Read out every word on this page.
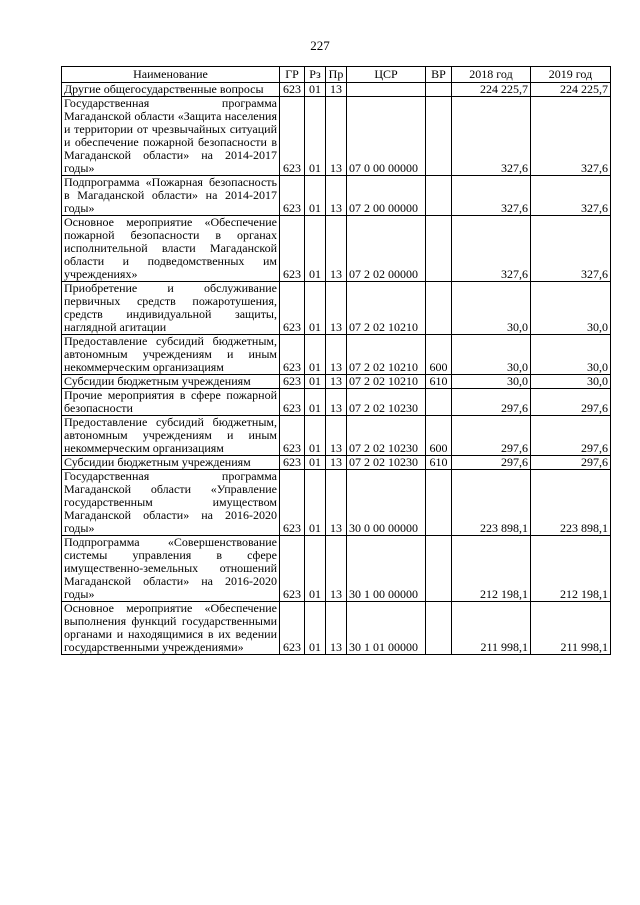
227
Наименование	ГР	Рз	Пр	ЦСР	ВР	2018 год	2019 год
Другие общегосударственные вопросы	623	01	13			224 225,7	224 225,7
Государственная программа Магаданской области «Защита населения и территории от чрезвычайных ситуаций и обеспечение пожарной безопасности в Магаданской области» на 2014-2017 годы»	623	01	13	07 0 00 00000		327,6	327,6
Подпрограмма «Пожарная безопасность в Магаданской области» на 2014-2017 годы»	623	01	13	07 2 00 00000		327,6	327,6
Основное мероприятие «Обеспечение пожарной безопасности в органах исполнительной власти Магаданской области и подведомственных им учреждениях»	623	01	13	07 2 02 00000		327,6	327,6
Приобретение и обслуживание первичных средств пожаротушения, средств индивидуальной защиты, наглядной агитации	623	01	13	07 2 02 10210		30,0	30,0
Предоставление субсидий бюджетным, автономным учреждениям и иным некоммерческим организациям	623	01	13	07 2 02 10210	600	30,0	30,0
Субсидии бюджетным учреждениям	623	01	13	07 2 02 10210	610	30,0	30,0
Прочие мероприятия в сфере пожарной безопасности	623	01	13	07 2 02 10230		297,6	297,6
Предоставление субсидий бюджетным, автономным учреждениям и иным некоммерческим организациям	623	01	13	07 2 02 10230	600	297,6	297,6
Субсидии бюджетным учреждениям	623	01	13	07 2 02 10230	610	297,6	297,6
Государственная программа Магаданской области «Управление государственным имуществом Магаданской области» на 2016-2020 годы»	623	01	13	30 0 00 00000		223 898,1	223 898,1
Подпрограмма «Совершенствование системы управления в сфере имущественно-земельных отношений Магаданской области» на 2016-2020 годы»	623	01	13	30 1 00 00000		212 198,1	212 198,1
Основное мероприятие «Обеспечение выполнения функций государственными органами и находящимися в их ведении государственными учреждениями»	623	01	13	30 1 01 00000		211 998,1	211 998,1
